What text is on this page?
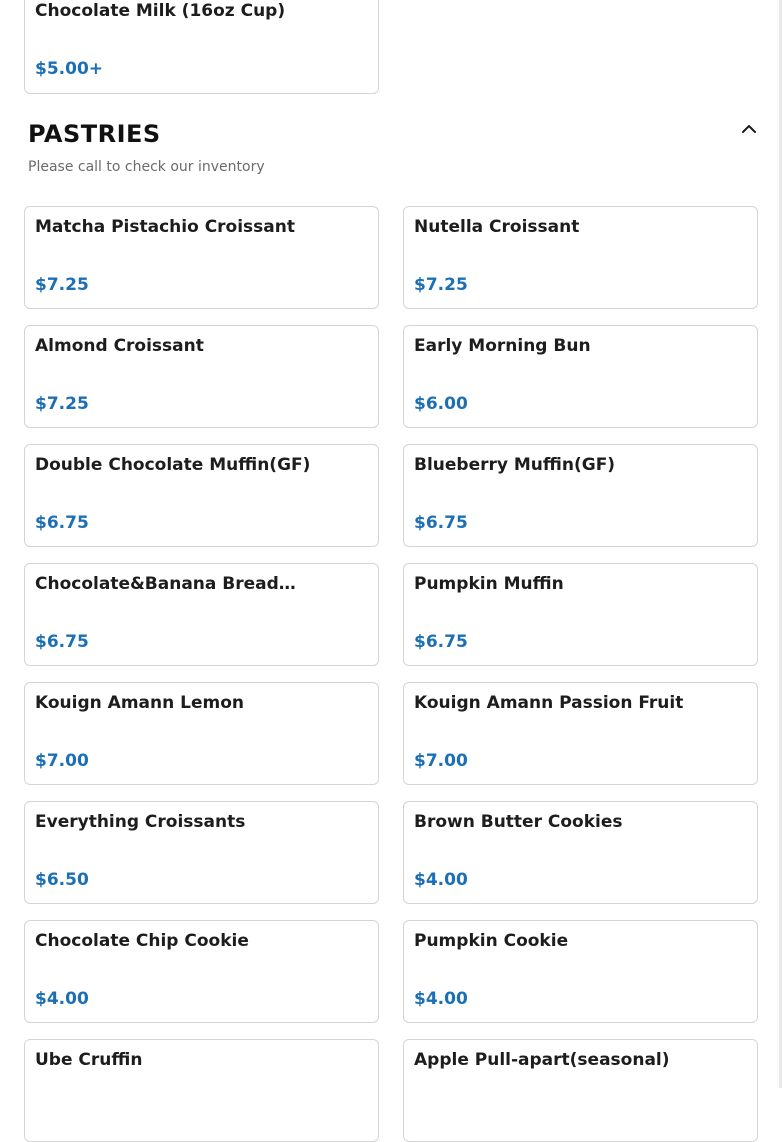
Chocolate Milk (16oz Cup)
$5.00+
PASTRIES
Please call to check our inventory
Matcha Pistachio Croissant
$7.25
Nutella Croissant
$7.25
Almond Croissant
$7.25
Early Morning Bun
$6.00
Double Chocolate Muffin(GF)
$6.75
Blueberry Muffin(GF)
$6.75
Chocolate&Banana Bread…
$6.75
Pumpkin Muffin
$6.75
Kouign Amann Lemon
$7.00
Kouign Amann Passion Fruit
$7.00
Everything Croissants
$6.50
Brown Butter Cookies
$4.00
Chocolate Chip Cookie
$4.00
Pumpkin Cookie
$4.00
Ube Cruffin	Apple Pull-apart(seasonal)
